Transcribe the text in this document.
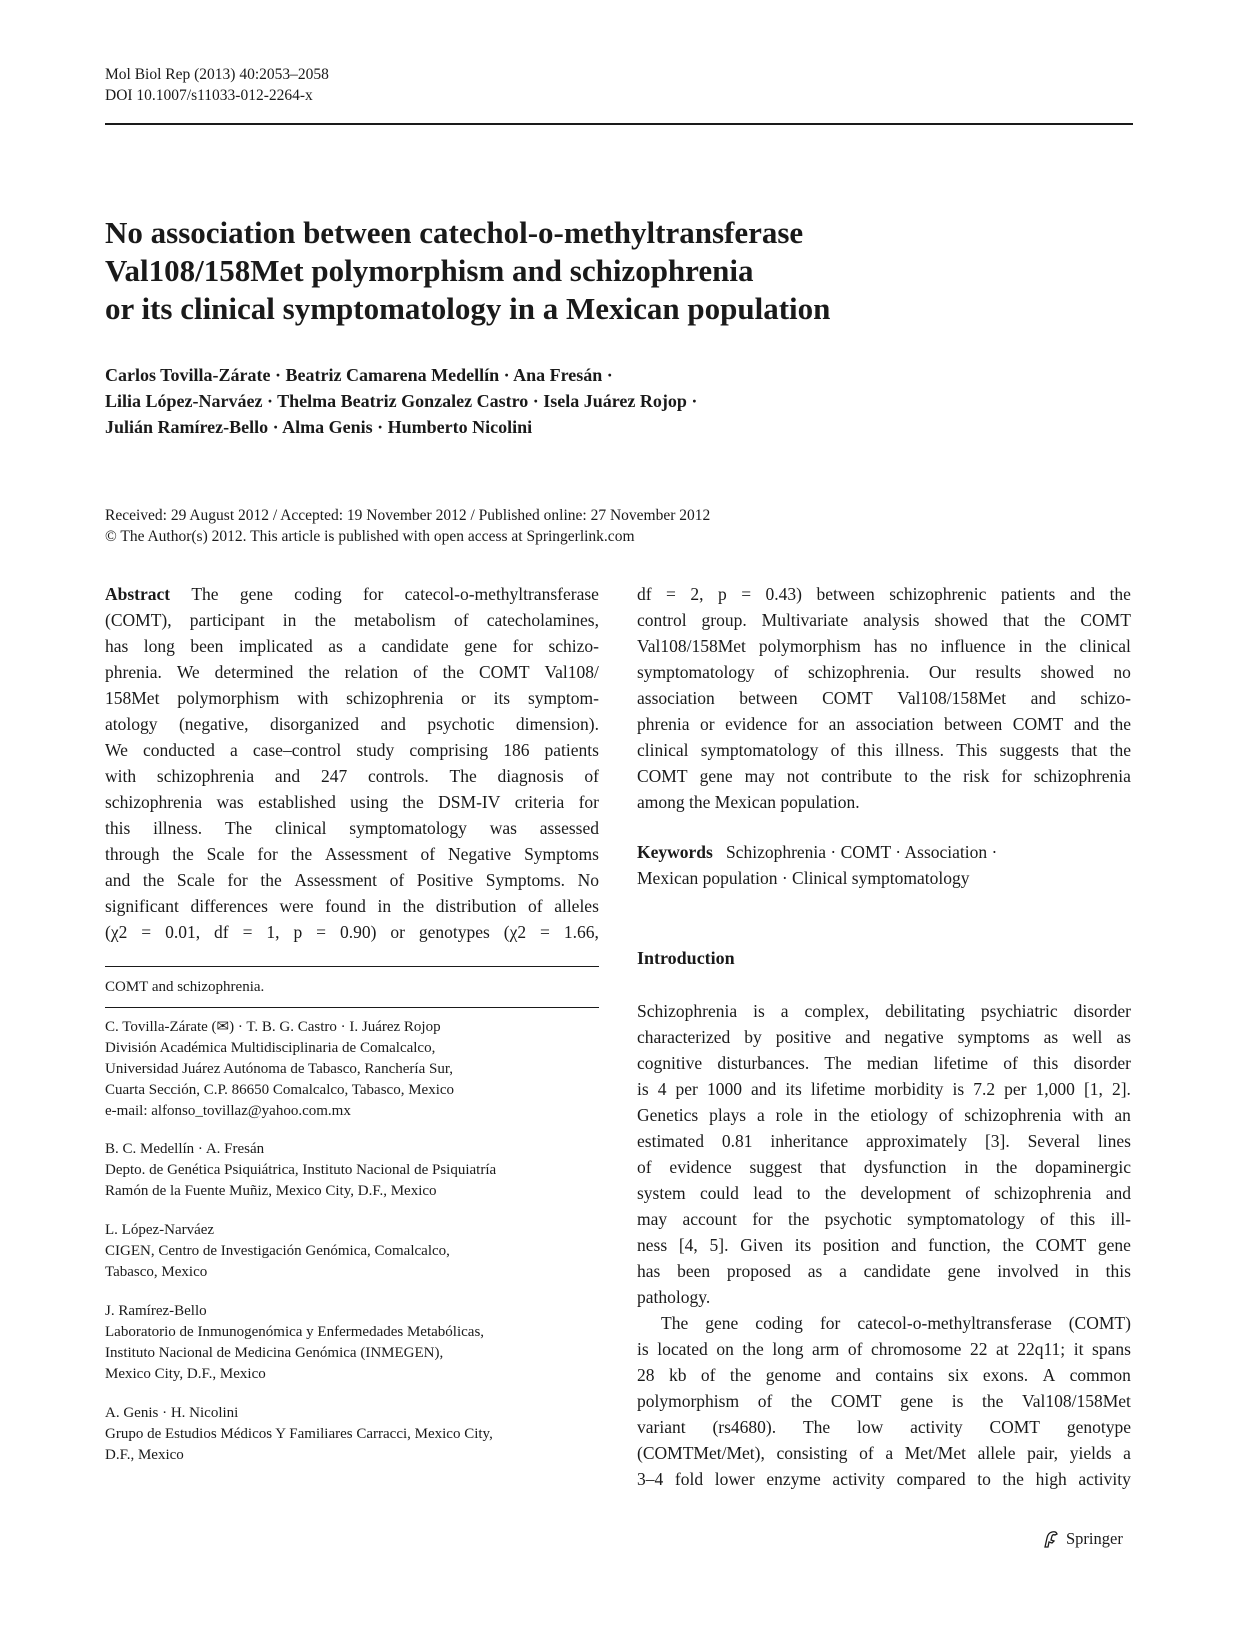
Mol Biol Rep (2013) 40:2053–2058
DOI 10.1007/s11033-012-2264-x
No association between catechol-o-methyltransferase
Val108/158Met polymorphism and schizophrenia
or its clinical symptomatology in a Mexican population
Carlos Tovilla-Zárate · Beatriz Camarena Medellín · Ana Fresán ·
Lilia López-Narváez · Thelma Beatriz Gonzalez Castro · Isela Juárez Rojop ·
Julián Ramírez-Bello · Alma Genis · Humberto Nicolini
Received: 29 August 2012 / Accepted: 19 November 2012 / Published online: 27 November 2012
© The Author(s) 2012. This article is published with open access at Springerlink.com
Abstract The gene coding for catecol-o-methyltransferase
(COMT), participant in the metabolism of catecholamines,
has long been implicated as a candidate gene for schizo-
phrenia. We determined the relation of the COMT Val108/
158Met polymorphism with schizophrenia or its symptom-
atology (negative, disorganized and psychotic dimension).
We conducted a case–control study comprising 186 patients
with schizophrenia and 247 controls. The diagnosis of
schizophrenia was established using the DSM-IV criteria for
this illness. The clinical symptomatology was assessed
through the Scale for the Assessment of Negative Symptoms
and the Scale for the Assessment of Positive Symptoms. No
significant differences were found in the distribution of alleles
(χ2 = 0.01, df = 1, p = 0.90) or genotypes (χ2 = 1.66,
COMT and schizophrenia.
C. Tovilla-Zárate (✉) · T. B. G. Castro · I. Juárez Rojop
División Académica Multidisciplinaria de Comalcalco,
Universidad Juárez Autónoma de Tabasco, Ranchería Sur,
Cuarta Sección, C.P. 86650 Comalcalco, Tabasco, Mexico
e-mail: alfonso_tovillaz@yahoo.com.mx
B. C. Medellín · A. Fresán
Depto. de Genética Psiquiátrica, Instituto Nacional de Psiquiatría
Ramón de la Fuente Muñiz, Mexico City, D.F., Mexico
L. López-Narváez
CIGEN, Centro de Investigación Genómica, Comalcalco,
Tabasco, Mexico
J. Ramírez-Bello
Laboratorio de Inmunogenómica y Enfermedades Metabólicas,
Instituto Nacional de Medicina Genómica (INMEGEN),
Mexico City, D.F., Mexico
A. Genis · H. Nicolini
Grupo de Estudios Médicos Y Familiares Carracci, Mexico City,
D.F., Mexico
df = 2, p = 0.43) between schizophrenic patients and the
control group. Multivariate analysis showed that the COMT
Val108/158Met polymorphism has no influence in the clinical
symptomatology of schizophrenia. Our results showed no
association between COMT Val108/158Met and schizo-
phrenia or evidence for an association between COMT and the
clinical symptomatology of this illness. This suggests that the
COMT gene may not contribute to the risk for schizophrenia
among the Mexican population.
Keywords Schizophrenia · COMT · Association ·
Mexican population · Clinical symptomatology
Introduction
Schizophrenia is a complex, debilitating psychiatric disorder
characterized by positive and negative symptoms as well as
cognitive disturbances. The median lifetime of this disorder
is 4 per 1000 and its lifetime morbidity is 7.2 per 1,000 [1, 2].
Genetics plays a role in the etiology of schizophrenia with an
estimated 0.81 inheritance approximately [3]. Several lines
of evidence suggest that dysfunction in the dopaminergic
system could lead to the development of schizophrenia and
may account for the psychotic symptomatology of this ill-
ness [4, 5]. Given its position and function, the COMT gene
has been proposed as a candidate gene involved in this
pathology.
The gene coding for catecol-o-methyltransferase (COMT)
is located on the long arm of chromosome 22 at 22q11; it spans
28 kb of the genome and contains six exons. A common
polymorphism of the COMT gene is the Val108/158Met
variant (rs4680). The low activity COMT genotype
(COMTMet/Met), consisting of a Met/Met allele pair, yields a
3–4 fold lower enzyme activity compared to the high activity
Springer
